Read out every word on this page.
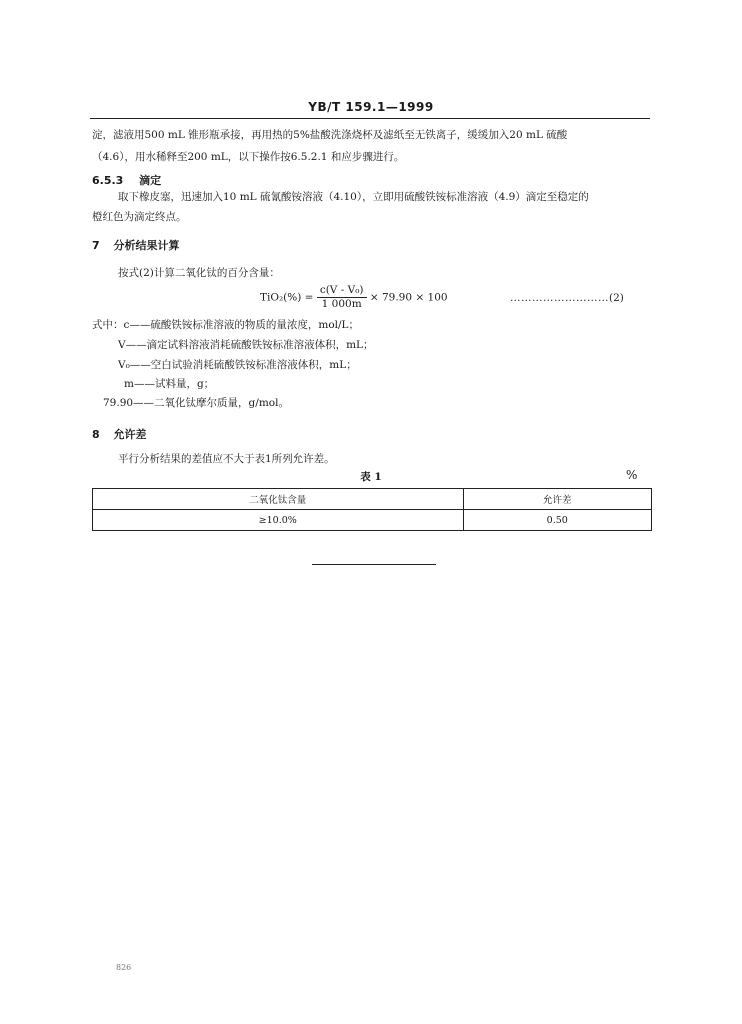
YB/T 159.1—1999
淀，滤液用500 mL 锥形瓶承接，再用热的5%盐酸洗涤烧杯及滤纸至无铁离子，缓缓加入20 mL 硫酸
（4.6），用水稀释至200 mL，以下操作按6.5.2.1 和应步骤进行。
6.5.3 滴定
取下橡皮塞，迅速加入10 mL 硫氰酸铵溶液（4.10），立即用硫酸铁铵标准溶液（4.9）滴定至稳定的
橙红色为滴定终点。
7 分析结果计算
按式(2)计算二氧化钛的百分含量：
$TiO_2(\%) = \frac{\text{c(V - V₀)}}{1 000m} \times 79.90 \times 100$	………………………(2)
式中：c——硫酸铁铵标准溶液的物质的量浓度，mol/L；
V——滴定试料溶液消耗硫酸铁铵标准溶液体积，mL；
V₀——空白试验消耗硫酸铁铵标准溶液体积，mL；
m——试料量，g；
79.90——二氧化钛摩尔质量，g/mol。
8 允许差
平行分析结果的差值应不大于表1所列允许差。
表 1	%
二氧化钛含量	允许差
≥10.0%	0.50
826
